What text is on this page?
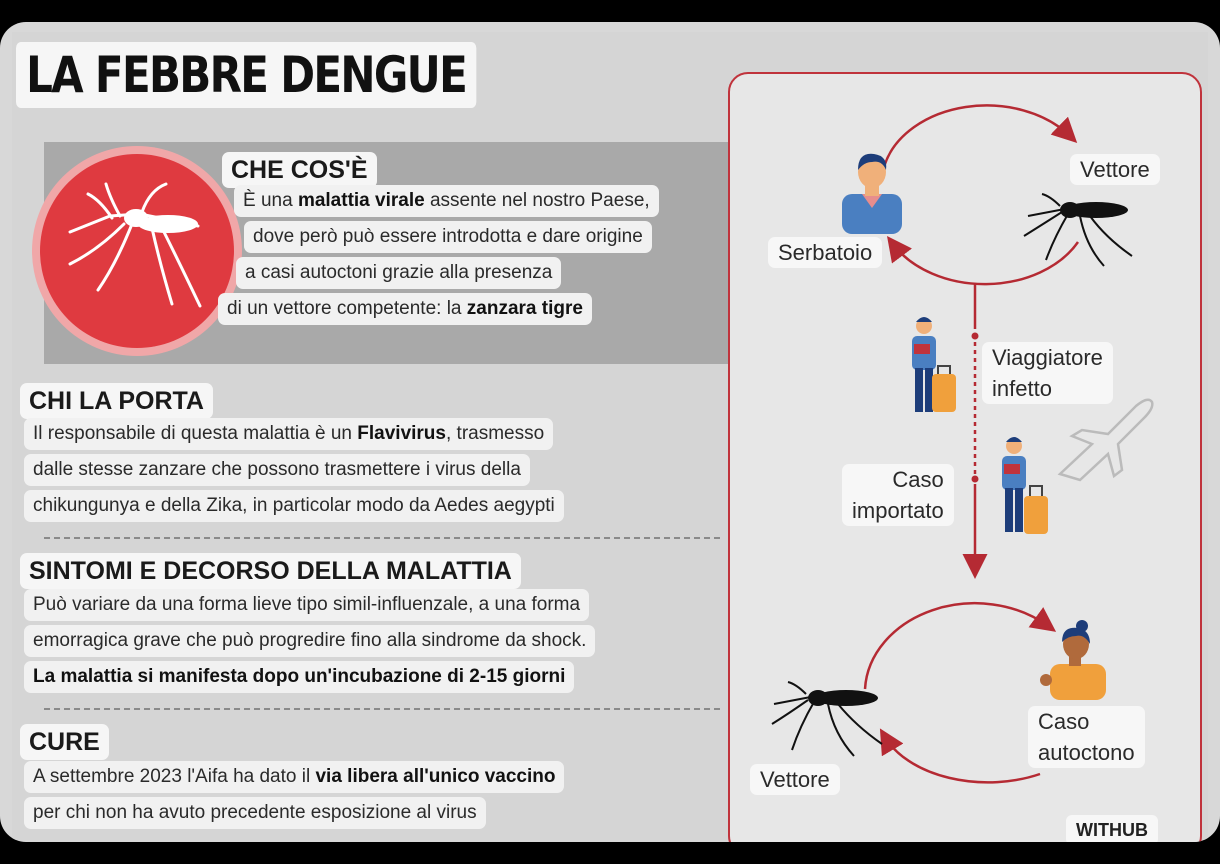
LA FEBBRE DENGUE
CHE COS'È
È una malattia virale assente nel nostro Paese,
dove però può essere introdotta e dare origine
a casi autoctoni grazie alla presenza
di un vettore competente: la zanzara tigre
CHI LA PORTA
Il responsabile di questa malattia è un Flavivirus, trasmesso
dalle stesse zanzare che possono trasmettere i virus della
chikungunya e della Zika, in particolar modo da Aedes aegypti
SINTOMI E DECORSO DELLA MALATTIA
Può variare da una forma lieve tipo simil-influenzale, a una forma
emorragica grave che può progredire fino alla sindrome da shock.
La malattia si manifesta dopo un'incubazione di 2-15 giorni
CURE
A settembre 2023 l'Aifa ha dato il via libera all'unico vaccino
per chi non ha avuto precedente esposizione al virus
Serbatoio
Vettore
Viaggiatore
infetto
Caso
importato
Vettore
Caso
autoctono
WITHUB
